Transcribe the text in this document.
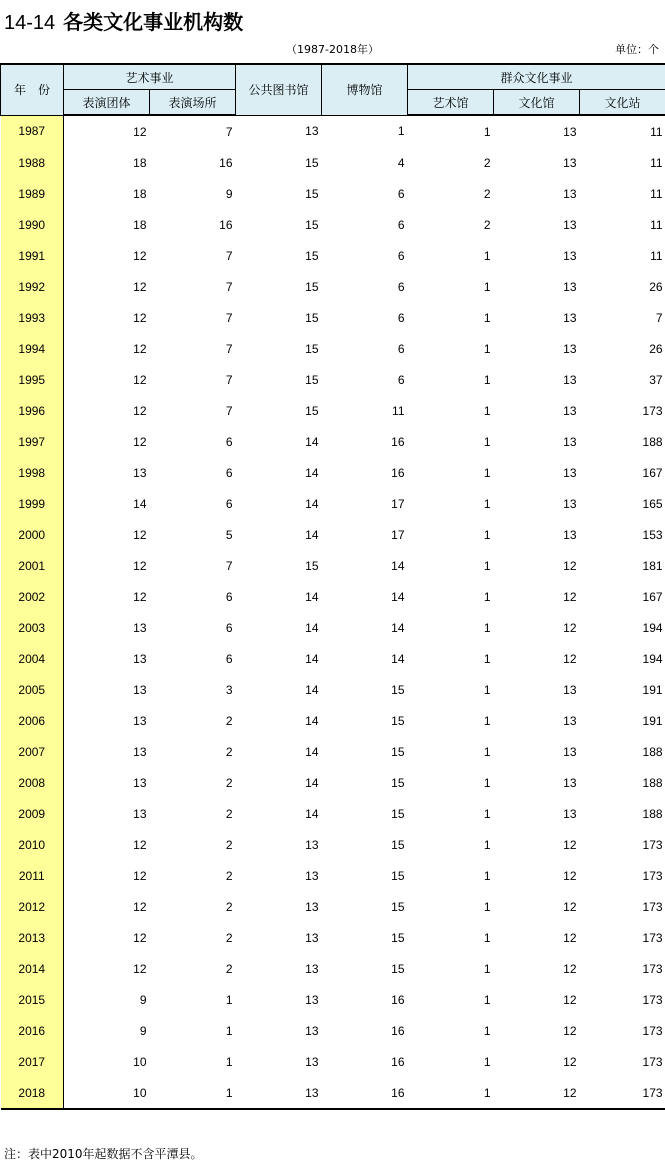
14-14 各类文化事业机构数
（1987-2018年）	单位：个
年　份	艺术事业		公共图书馆	博物馆	群众文化事业		
	表演团体	表演场所			艺术馆	文化馆	文化站
1987	12	7	13	1	1	13	11
1988	18	16	15	4	2	13	11
1989	18	9	15	6	2	13	11
1990	18	16	15	6	2	13	11
1991	12	7	15	6	1	13	11
1992	12	7	15	6	1	13	26
1993	12	7	15	6	1	13	7
1994	12	7	15	6	1	13	26
1995	12	7	15	6	1	13	37
1996	12	7	15	11	1	13	173
1997	12	6	14	16	1	13	188
1998	13	6	14	16	1	13	167
1999	14	6	14	17	1	13	165
2000	12	5	14	17	1	13	153
2001	12	7	15	14	1	12	181
2002	12	6	14	14	1	12	167
2003	13	6	14	14	1	12	194
2004	13	6	14	14	1	12	194
2005	13	3	14	15	1	13	191
2006	13	2	14	15	1	13	191
2007	13	2	14	15	1	13	188
2008	13	2	14	15	1	13	188
2009	13	2	14	15	1	13	188
2010	12	2	13	15	1	12	173
2011	12	2	13	15	1	12	173
2012	12	2	13	15	1	12	173
2013	12	2	13	15	1	12	173
2014	12	2	13	15	1	12	173
2015	9	1	13	16	1	12	173
2016	9	1	13	16	1	12	173
2017	10	1	13	16	1	12	173
2018	10	1	13	16	1	12	173
注：表中2010年起数据不含平潭县。
